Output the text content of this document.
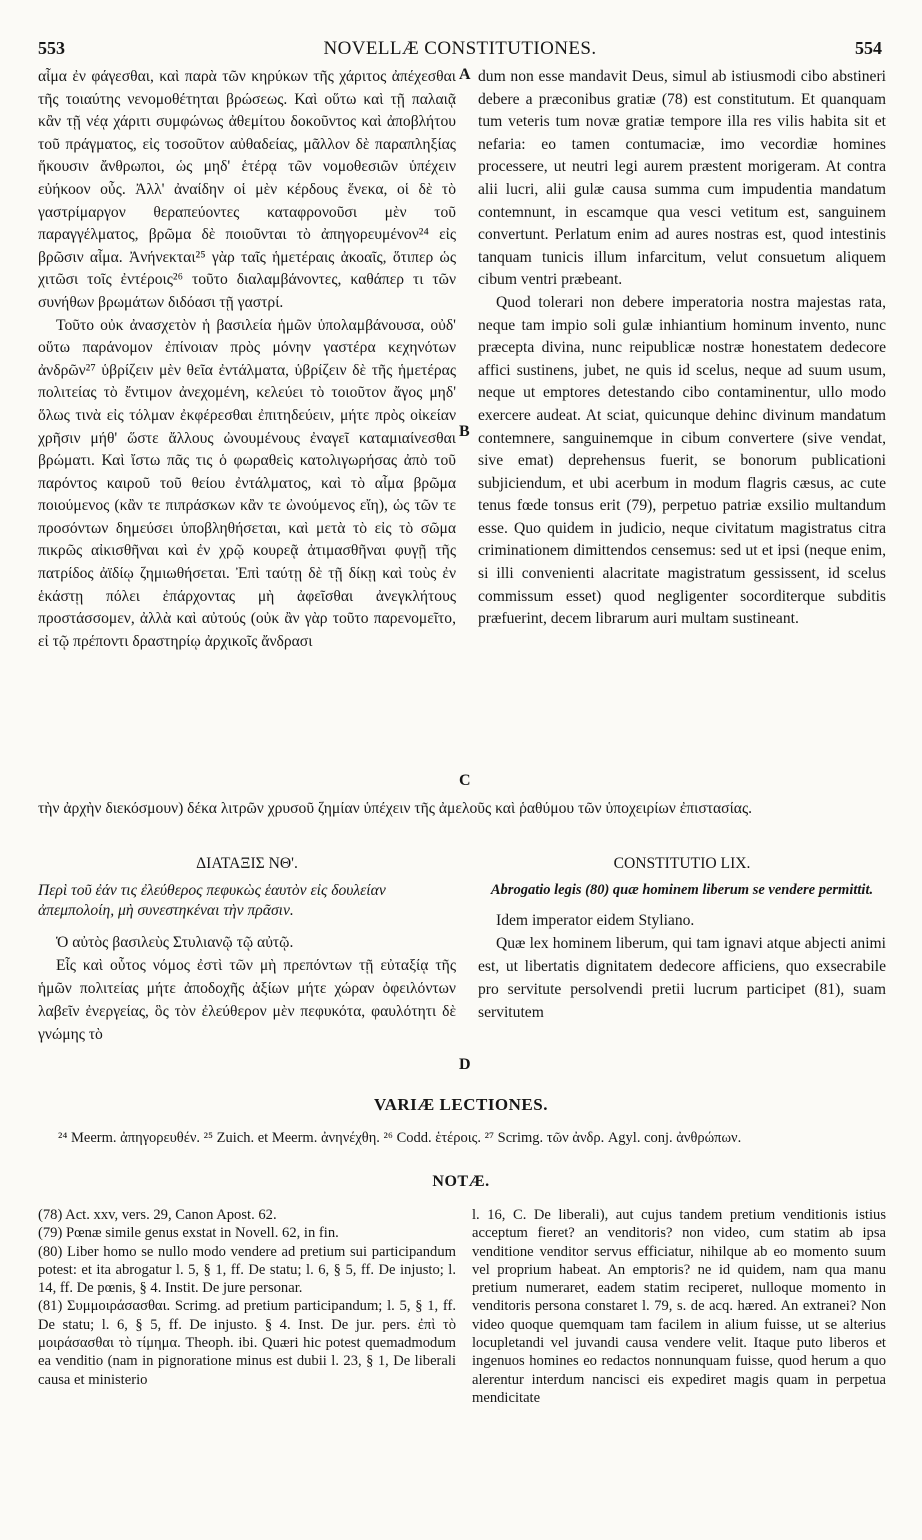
553	NOVELLÆ CONSTITUTIONES.	554

αἷμα ἐν φάγεσθαι, καὶ παρὰ τῶν κηρύκων τῆς χάριτος ἀπέχεσθαι τῆς τοιαύτης νενομοθέτηται βρώσεως. Καὶ οὕτω καὶ τῇ παλαιᾷ κἂν τῇ νέᾳ χάριτι συμφώνως ἀθεμίτου δοκοῦντος καὶ ἀποβλήτου τοῦ πράγματος, εἰς τοσοῦτον αὐθαδείας, μᾶλλον δὲ παραπληξίας ἥκουσιν ἄνθρωποι, ὡς μηδ' ἑτέρᾳ τῶν νομοθεσιῶν ὑπέχειν εὐήκοον οὖς. Ἀλλ' ἀναίδην οἱ μὲν κέρδους ἕνεκα, οἱ δὲ τὸ γαστρίμαργον θεραπεύοντες καταφρονοῦσι μὲν τοῦ παραγγέλματος, βρῶμα δὲ ποιοῦνται τὸ ἀπηγορευμένον²⁴ εἰς βρῶσιν αἷμα. Ἀνήνεκται²⁵ γὰρ ταῖς ἡμετέραις ἀκοαῖς, ὅτιπερ ὡς χιτῶσι τοῖς ἐντέροις²⁶ τοῦτο διαλαμβάνοντες, καθάπερ τι τῶν συνήθων βρωμάτων διδόασι τῇ γαστρί.

Τοῦτο οὐκ ἀνασχετὸν ἡ βασιλεία ἡμῶν ὑπολαμβάνουσα, οὐδ' οὕτω παράνομον ἐπίνοιαν πρὸς μόνην γαστέρα κεχηνότων ἀνδρῶν²⁷ ὑβρίζειν μὲν θεῖα ἐντάλματα, ὑβρίζειν δὲ τῆς ἡμετέρας πολιτείας τὸ ἔντιμον ἀνεχομένη, κελεύει τὸ τοιοῦτον ἄγος μηδ' ὅλως τινὰ εἰς τόλμαν ἐκφέρεσθαι ἐπιτηδεύειν, μήτε πρὸς οἰκείαν χρῆσιν μήθ' ὥστε ἄλλους ὠνουμένους ἐναγεῖ καταμιαίνεσθαι βρώματι. Καὶ ἴστω πᾶς τις ὁ φωραθεὶς κατολιγωρήσας ἀπὸ τοῦ παρόντος καιροῦ τοῦ θείου ἐντάλματος, καὶ τὸ αἷμα βρῶμα ποιούμενος (κἂν τε πιπράσκων κἂν τε ὠνούμενος εἴη), ὡς τῶν τε προσόντων δημεύσει ὑποβληθήσεται, καὶ μετὰ τὸ εἰς τὸ σῶμα πικρῶς αἰκισθῆναι καὶ ἐν χρῷ κουρεᾷ ἀτιμασθῆναι φυγῇ τῆς πατρίδος ἀϊδίῳ ζημιωθήσεται. Ἐπὶ ταύτῃ δὲ τῇ δίκῃ καὶ τοὺς ἐν ἑκάστῃ πόλει ἐπάρχοντας μὴ ἀφεῖσθαι ἀνεγκλήτους προστάσσομεν, ἀλλὰ καὶ αὐτούς (οὐκ ἂν γὰρ τοῦτο παρενομεῖτο, εἰ τῷ πρέποντι δραστηρίῳ ἀρχικοῖς ἄνδρασι

dum non esse mandavit Deus, simul ab istiusmodi cibo abstineri debere a præconibus gratiæ (78) est constitutum. Et quanquam tum veteris tum novæ gratiæ tempore illa res vilis habita sit et nefaria: eo tamen contumaciæ, imo vecordiæ homines processere, ut neutri legi aurem præstent morigeram. At contra alii lucri, alii gulæ causa summa cum impudentia mandatum contemnunt, in escamque qua vesci vetitum est, sanguinem convertunt. Perlatum enim ad aures nostras est, quod intestinis tanquam tunicis illum infarcitum, velut consuetum aliquem cibum ventri præbeant.

Quod tolerari non debere imperatoria nostra majestas rata, neque tam impio soli gulæ inhiantium hominum invento, nunc præcepta divina, nunc reipublicæ nostræ honestatem dedecore affici sustinens, jubet, ne quis id scelus, neque ad suum usum, neque ut emptores detestando cibo contaminentur, ullo modo exercere audeat. At sciat, quicunque dehinc divinum mandatum contemnere, sanguinemque in cibum convertere (sive vendat, sive emat) deprehensus fuerit, se bonorum publicationi subjiciendum, et ubi acerbum in modum flagris cæsus, ac cute tenus fœde tonsus erit (79), perpetuo patriæ exsilio multandum esse. Quo quidem in judicio, neque civitatum magistratus citra criminationem dimittendos censemus: sed ut et ipsi (neque enim, si illi convenienti alacritate magistratum gessissent, id scelus commissum esset) quod negligenter socorditerque subditis præfuerint, decem librarum auri multam sustineant.

A
B
C
D
τὴν ἀρχὴν διεκόσμουν) δέκα λιτρῶν χρυσοῦ ζημίαν ὑπέχειν τῆς ἀμελοῦς καὶ ῥαθύμου τῶν ὑποχειρίων ἐπιστασίας.

ΔΙΑΤΑΞΙΣ ΝΘ'.

Περὶ τοῦ ἐάν τις ἐλεύθερος πεφυκὼς ἑαυτὸν εἰς δουλείαν ἀπεμπολοίη, μὴ συνεστηκέναι τὴν πρᾶσιν.

Ὁ αὐτὸς βασιλεὺς Στυλιανῷ τῷ αὐτῷ.

Εἷς καὶ οὗτος νόμος ἐστὶ τῶν μὴ πρεπόντων τῇ εὐταξίᾳ τῆς ἡμῶν πολιτείας μήτε ἀποδοχῆς ἀξίων μήτε χώραν ὀφειλόντων λαβεῖν ἐνεργείας, ὃς τὸν ἐλεύθερον μὲν πεφυκότα, φαυλότητι δὲ γνώμης τὸ

CONSTITUTIO LIX.

Abrogatio legis (80) quæ hominem liberum se vendere permittit.

Idem imperator eidem Styliano.

Quæ lex hominem liberum, qui tam ignavi atque abjecti animi est, ut libertatis dignitatem dedecore afficiens, quo exsecrabile pro servitute persolvendi pretii lucrum participet (81), suam servitutem

VARIÆ LECTIONES.
²⁴ Meerm. ἀπηγορευθέν. ²⁵ Zuich. et Meerm. ἀνηνέχθη. ²⁶ Codd. ἑτέροις. ²⁷ Scrimg. τῶν ἀνδρ. Agyl. conj. ἀνθρώπων.
NOTÆ.

(78) Act. xxv, vers. 29, Canon Apost. 62.

(79) Pœnæ simile genus exstat in Novell. 62, in fin.

(80) Liber homo se nullo modo vendere ad pretium sui participandum potest: et ita abrogatur l. 5, § 1, ff. De statu; l. 6, § 5, ff. De injusto; l. 14, ff. De pœnis, § 4. Instit. De jure personar.

(81) Συμμοιράσασθαι. Scrimg. ad pretium participandum; l. 5, § 1, ff. De statu; l. 6, § 5, ff. De injusto. § 4. Inst. De jur. pers. ἐπὶ τὸ μοιράσασθαι τὸ τίμημα. Theoph. ibi. Quæri hic potest quemadmodum ea venditio (nam in pignoratione minus est dubii l. 23, § 1, De liberali causa et ministerio

l. 16, C. De liberali), aut cujus tandem pretium venditionis istius acceptum fieret? an venditoris? non video, cum statim ab ipsa venditione venditor servus efficiatur, nihilque ab eo momento suum vel proprium habeat. An emptoris? ne id quidem, nam qua manu pretium numeraret, eadem statim reciperet, nulloque momento in venditoris persona constaret l. 79, s. de acq. hæred. An extranei? Non video quoque quemquam tam facilem in alium fuisse, ut se alterius locupletandi vel juvandi causa vendere velit. Itaque puto liberos et ingenuos homines eo redactos nonnunquam fuisse, quod herum a quo alerentur interdum nancisci eis expediret magis quam in perpetua mendicitate
